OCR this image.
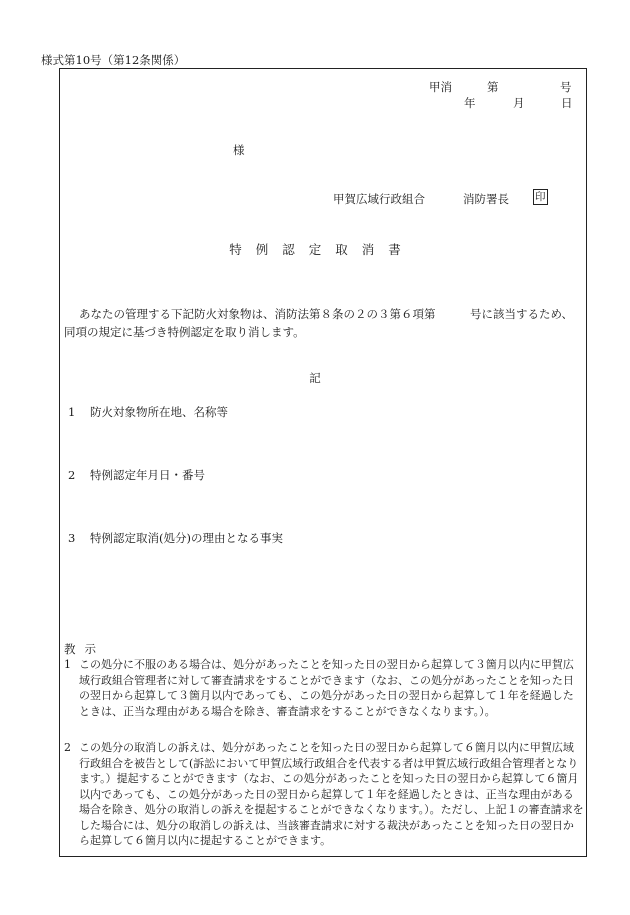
様式第10号（第12条関係）
甲消	第	号
年	月	日
様
甲賀広域行政組合	消防署長 印
特例認定取消書
あなたの管理する下記防火対象物は、消防法第８条の２の３第６項第　　　号に該当するため、同項の規定に基づき特例認定を取り消します。
記
1 防火対象物所在地、名称等
2 特例認定年月日・番号
3 特例認定取消(処分)の理由となる事実
教示
1 この処分に不服のある場合は、処分があったことを知った日の翌日から起算して３箇月以内に甲賀広域行政組合管理者に対して審査請求をすることができます（なお、この処分があったことを知った日の翌日から起算して３箇月以内であっても、この処分があった日の翌日から起算して１年を経過したときは、正当な理由がある場合を除き、審査請求をすることができなくなります。）。
2 この処分の取消しの訴えは、処分があったことを知った日の翌日から起算して６箇月以内に甲賀広域行政組合を被告として(訴訟において甲賀広域行政組合を代表する者は甲賀広域行政組合管理者となります。）提起することができます（なお、この処分があったことを知った日の翌日から起算して６箇月以内であっても、この処分があった日の翌日から起算して１年を経過したときは、正当な理由がある場合を除き、処分の取消しの訴えを提起することができなくなります。）。ただし、上記１の審査請求をした場合には、処分の取消しの訴えは、当該審査請求に対する裁決があったことを知った日の翌日から起算して６箇月以内に提起することができます。
